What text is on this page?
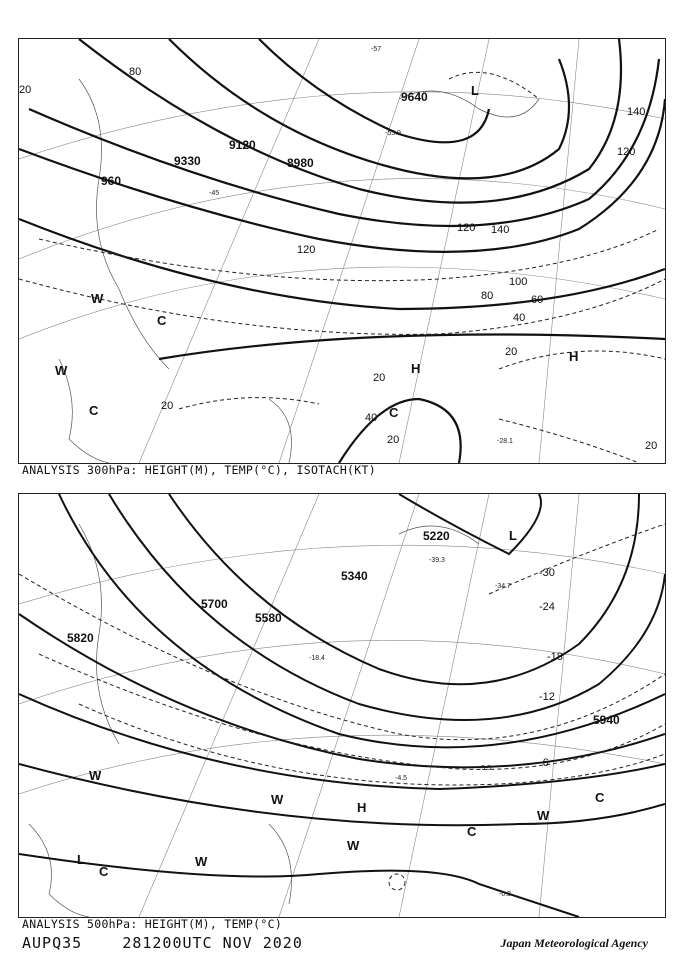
9640
9330
9120
8980
960
80
20
140
120
120 140
100
80	60
40
20
120
20
20
40
20	20
-57
-53.9
-45
-28.1
L
H
H
C
C	C
W
W
ANALYSIS 300hPa: HEIGHT(M), TEMP(°C), ISOTACH(KT)
5220
5340
5700
5580
5820
5940
-30
-24
-18
-12
-6
L
L
H
C
C
C
W
W
W
W
W
-39.3
-34.7
-18.4
-5.5
-4.5
-0.3
ANALYSIS 500hPa: HEIGHT(M), TEMP(°C)
AUPQ35	281200UTC NOV 2020	Japan Meteorological Agency
